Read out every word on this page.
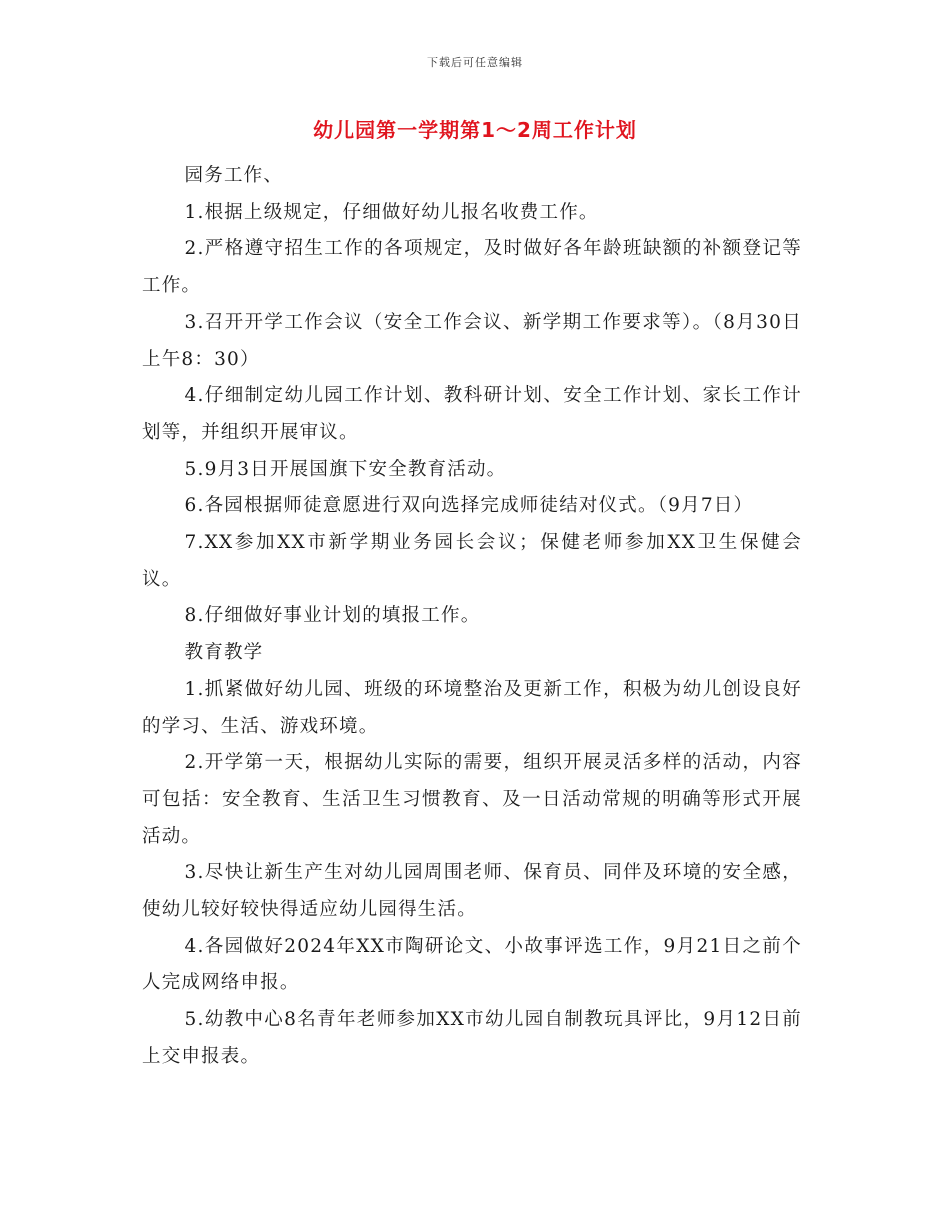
下载后可任意编辑
幼儿园第一学期第1～2周工作计划

园务工作、

1.根据上级规定，仔细做好幼儿报名收费工作。

2.严格遵守招生工作的各项规定，及时做好各年龄班缺额的补额登记等工作。

3.召开开学工作会议（安全工作会议、新学期工作要求等）。（8月30日上午8：30）

4.仔细制定幼儿园工作计划、教科研计划、安全工作计划、家长工作计划等，并组织开展审议。

5.9月3日开展国旗下安全教育活动。

6.各园根据师徒意愿进行双向选择完成师徒结对仪式。（9月7日）

7.XX参加XX市新学期业务园长会议；保健老师参加XX卫生保健会议。

8.仔细做好事业计划的填报工作。

教育教学

1.抓紧做好幼儿园、班级的环境整治及更新工作，积极为幼儿创设良好的学习、生活、游戏环境。

2.开学第一天，根据幼儿实际的需要，组织开展灵活多样的活动，内容可包括：安全教育、生活卫生习惯教育、及一日活动常规的明确等形式开展活动。

3.尽快让新生产生对幼儿园周围老师、保育员、同伴及环境的安全感，使幼儿较好较快得适应幼儿园得生活。

4.各园做好2024年XX市陶研论文、小故事评选工作，9月21日之前个人完成网络申报。

5.幼教中心8名青年老师参加XX市幼儿园自制教玩具评比，9月12日前上交申报表。
